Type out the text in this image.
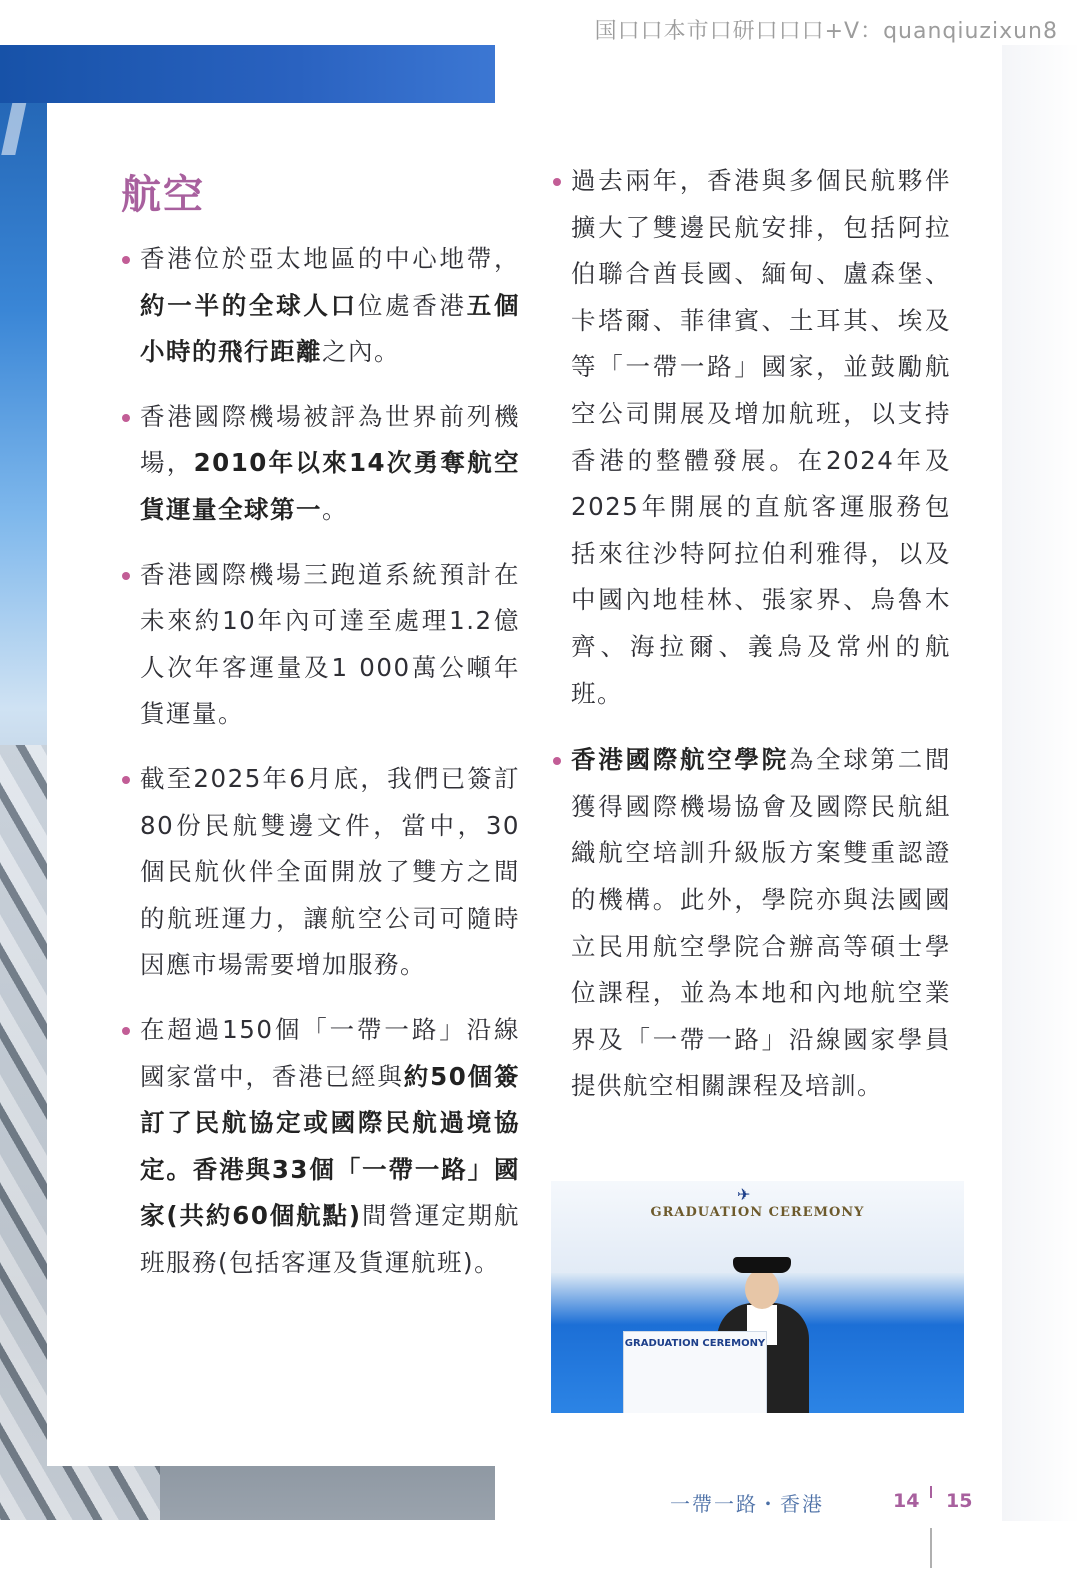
国口口本市口研口口口+V：quanqiuzixun8
航空
香港位於亞太地區的中心地帶，約一半的全球人口位處香港五個小時的飛行距離之內。
香港國際機場被評為世界前列機場，2010年以來14次勇奪航空貨運量全球第一。
香港國際機場三跑道系統預計在未來約10年內可達至處理1.2億人次年客運量及1 000萬公噸年貨運量。
截至2025年6月底，我們已簽訂80份民航雙邊文件，當中，30個民航伙伴全面開放了雙方之間的航班運力，讓航空公司可隨時因應市場需要增加服務。
在超過150個「一帶一路」沿線國家當中，香港已經與約50個簽訂了民航協定或國際民航過境協定。香港與33個「一帶一路」國家(共約60個航點)間營運定期航班服務(包括客運及貨運航班)。
過去兩年，香港與多個民航夥伴擴大了雙邊民航安排，包括阿拉伯聯合酋長國、緬甸、盧森堡、卡塔爾、菲律賓、土耳其、埃及等「一帶一路」國家，並鼓勵航空公司開展及增加航班，以支持香港的整體發展。在2024年及2025年開展的直航客運服務包括來往沙特阿拉伯利雅得，以及中國內地桂林、張家界、烏魯木齊、海拉爾、義烏及常州的航班。
香港國際航空學院為全球第二間獲得國際機場協會及國際民航組織航空培訓升級版方案雙重認證的機構。此外，學院亦與法國國立民用航空學院合辦高等碩士學位課程，並為本地和內地航空業界及「一帶一路」沿線國家學員提供航空相關課程及培訓。
✈
GRADUATION CEREMONY
GRADUATION CEREMONY
一帶一路・香港	14 15
